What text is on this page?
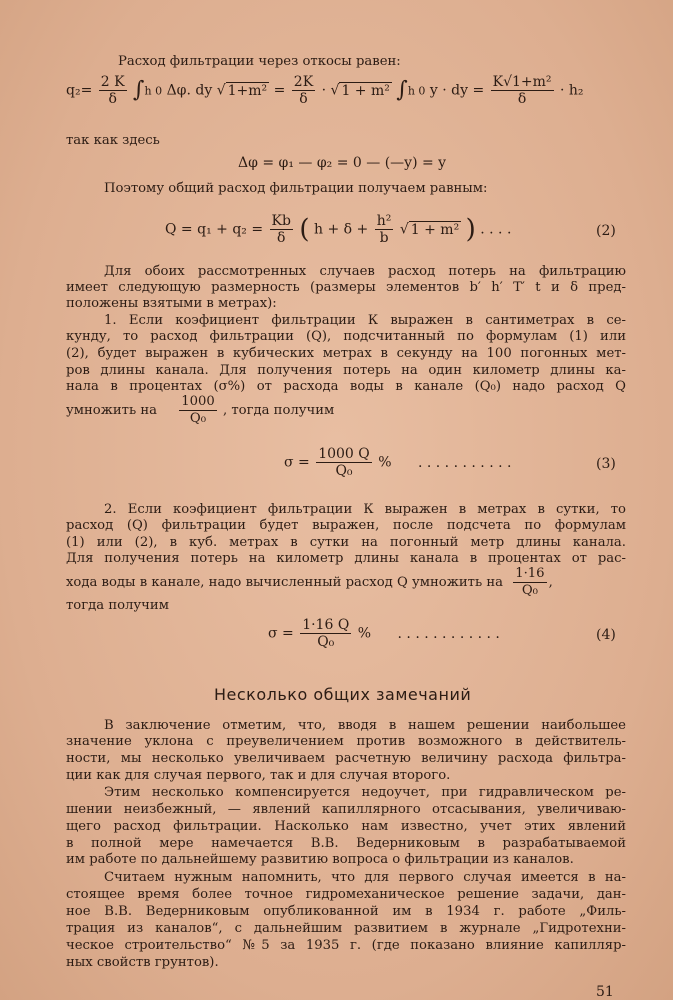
Расход фильтрации через откосы равен:
$q_2= \frac{2 K}{\delta} \int h$ 0 Δφ. dy √ $1+m^2 = \frac{2K}{\delta}$ · √ 1 + m² ∫h 0 y · dy = $\frac{\text{K√1+m²}}{\delta} \cdot h_2$
так как здесь
Δφ = φ₁ — φ₂ = 0 — (—y) = y
Поэтому общий расход фильтрации получаем равным:
$Q = q_1 + q_2 = \frac{Kb}{\delta}$ ( $h + \delta + \frac{\text{h²}}{b}$ √ 1 + m² ) . . . .	(2)
Для обоих рассмотренных случаев расход потерь на фильтрацию
имеет следующую размерность (размеры элементов b′ h′ T′ t и δ пред-
положены взятыми в метрах):
1. Если коэфициент фильтрации К выражен в сантиметрах в се-
кунду, то расход фильтрации (Q), подсчитанный по формулам (1) или
(2), будет выражен в кубических метрах в секунду на 100 погонных мет-
ров длины канала. Для получения потерь на один километр длины ка-
нала в процентах (σ%) от расхода воды в канале (Q₀) надо расход Q
умножить на $\frac{1000}{\text{Q₀}}$ , тогда получим
$\sigma = \frac{1000 Q}{\text{Q₀}}$ % . . . . . . . . . . .	(3)
2. Если коэфициент фильтрации К выражен в метрах в сутки, то
расход (Q) фильтрации будет выражен, после подсчета по формулам
(1) или (2), в куб. метрах в сутки на погонный метр длины канала.
Для получения потерь на километр длины канала в процентах от рас-
хода воды в канале, надо вычисленный расход Q умножить на $\frac{1\cdot 16}{\text{Q₀}}$ ,
тогда получим
$\sigma = \frac{1\cdot 16 Q}{\text{Q₀}}$ % . . . . . . . . . . . .	(4)
Несколько общих замечаний
В заключение отметим, что, вводя в нашем решении наибольшее
значение уклона с преувеличением против возможного в действитель-
ности, мы несколько увеличиваем расчетную величину расхода фильтра-
ции как для случая первого, так и для случая второго.
Этим несколько компенсируется недоучет, при гидравлическом ре-
шении неизбежный, — явлений капиллярного отсасывания, увеличиваю-
щего расход фильтрации. Насколько нам известно, учет этих явлений
в полной мере намечается В.В. Ведерниковым в разрабатываемой
им работе по дальнейшему развитию вопроса о фильтрации из каналов.
Считаем нужным напомнить, что для первого случая имеется в на-
стоящее время более точное гидромеханическое решение задачи, дан-
ное В.В. Ведерниковым опубликованной им в 1934 г. работе „Филь-
трация из каналов“, с дальнейшим развитием в журнале „Гидротехни-
ческое строительство“ №5 за 1935 г. (где показано влияние капилляр-
ных свойств грунтов).
51
